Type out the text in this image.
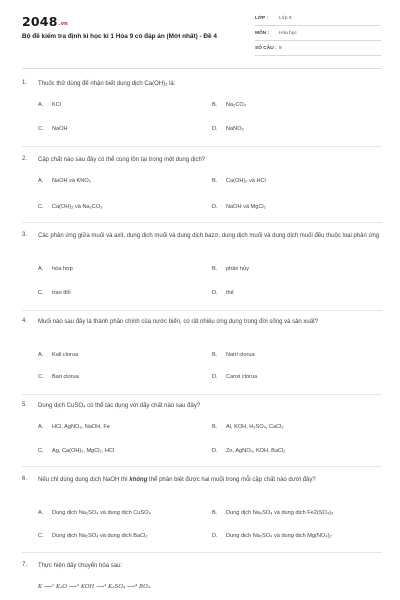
$2048^{.vn}$
Bộ đề kiểm tra định kì học kì 1 Hóa 9 có đáp án (Mới nhất) - Đề 4
LỚP : Lớp 9
MÔN : Hóa học
SỐ CÂU : 9
1. Thuốc thử dùng để nhận biết dung dịch Ca(OH)₂ là:
A. KCl	B. Na₂CO₃
C. NaOH	D. NaNO₃
2. Cặp chất nào sau đây có thể cùng tồn tại trong một dung dịch?
A. NaOH và KNO₃	B. Ca(OH)₂ và HCl
C. Ca(OH)₂ và Na₂CO₃	D. NaOH và MgCl₂
3. Các phản ứng giữa muối và axit, dung dịch muối và dung dịch bazơ, dung dịch muối và dung dịch muối đều thuộc loại phản ứng
A. hóa hợp	B. phân hủy
C. trao đổi	D. thế
4. Muối nào sau đây là thành phần chính của nước biển, có rất nhiều ứng dụng trong đời sống và sản xuất?
A. Kali clorua	B. Natri clorua
C. Bari clorua	D. Canxi clorua
5. Dung dịch CuSO₄ có thể tác dụng với dãy chất nào sau đây?
A. HCl, AgNO₃, NaOH, Fe	B. Al, KOH, H₂SO₄, CaCl₂
C. Ag, Ca(OH)₂, MgCl₂, HCl	D. Zn, AgNO₃, KOH, BaCl₂
6. Nếu chỉ dùng dung dịch NaOH thì không thể phân biệt được hai muối trong mỗi cặp chất nào dưới đây?
A. Dung dịch Na₂SO₄ và dung dịch CuSO₄	B. Dung dịch Na₂SO₄ và dung dịch Fe2(SO₄)₃
C. Dung dịch Na₂SO₄ và dung dịch BaCl₂	D. Dung dịch Na₂SO₄ và dung dịch Mg(NO₄)₂
7. Thực hiện dãy chuyển hóa sau:
K ⟶¹ K₂O ⟶² KOH ⟶³ K₂SO₄ ⟶⁴ BO₄
